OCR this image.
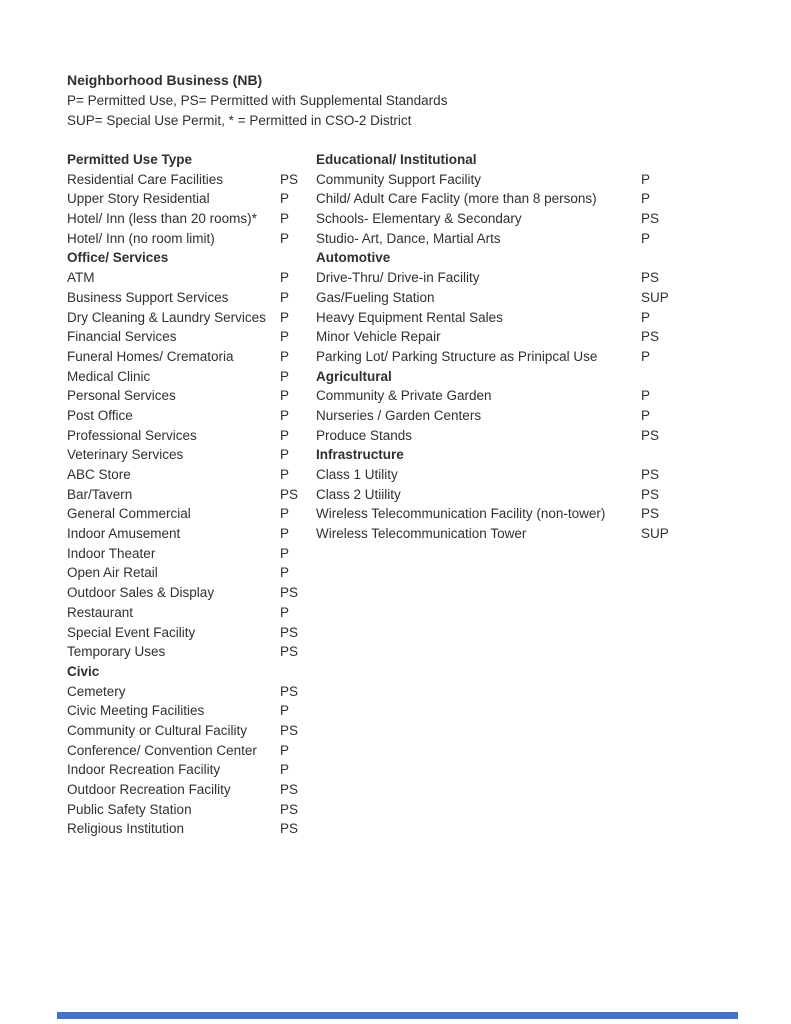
Neighborhood Business (NB)
P= Permitted Use, PS= Permitted with Supplemental Standards
SUP= Special Use Permit, * = Permitted in CSO-2 District
Permitted Use Type
Residential Care Facilities	PS
Upper Story Residential	P
Hotel/ Inn (less than 20 rooms)*	P
Hotel/ Inn (no room limit)	P
Office/ Services
ATM	P
Business Support Services	P
Dry Cleaning & Laundry Services	P
Financial Services	P
Funeral Homes/ Crematoria	P
Medical Clinic	P
Personal Services	P
Post Office	P
Professional Services	P
Veterinary Services	P
ABC Store	P
Bar/Tavern	PS
General Commercial	P
Indoor Amusement	P
Indoor Theater	P
Open Air Retail	P
Outdoor Sales & Display	PS
Restaurant	P
Special Event Facility	PS
Temporary Uses	PS
Civic
Cemetery	PS
Civic Meeting Facilities	P
Community or Cultural Facility	PS
Conference/ Convention Center	P
Indoor Recreation Facility	P
Outdoor Recreation Facility	PS
Public Safety Station	PS
Religious Institution	PS
Educational/ Institutional
Community Support Facility	P
Child/ Adult Care Faclity (more than 8 persons)	P
Schools- Elementary & Secondary	PS
Studio- Art, Dance, Martial Arts	P
Automotive
Drive-Thru/ Drive-in Facility	PS
Gas/Fueling Station	SUP
Heavy Equipment Rental Sales	P
Minor Vehicle Repair	PS
Parking Lot/ Parking Structure as Prinipcal Use	P
Agricultural
Community & Private Garden	P
Nurseries / Garden Centers	P
Produce Stands	PS
Infrastructure
Class 1 Utility	PS
Class 2 Utiility	PS
Wireless Telecommunication Facility (non-tower)	PS
Wireless Telecommunication Tower	SUP
